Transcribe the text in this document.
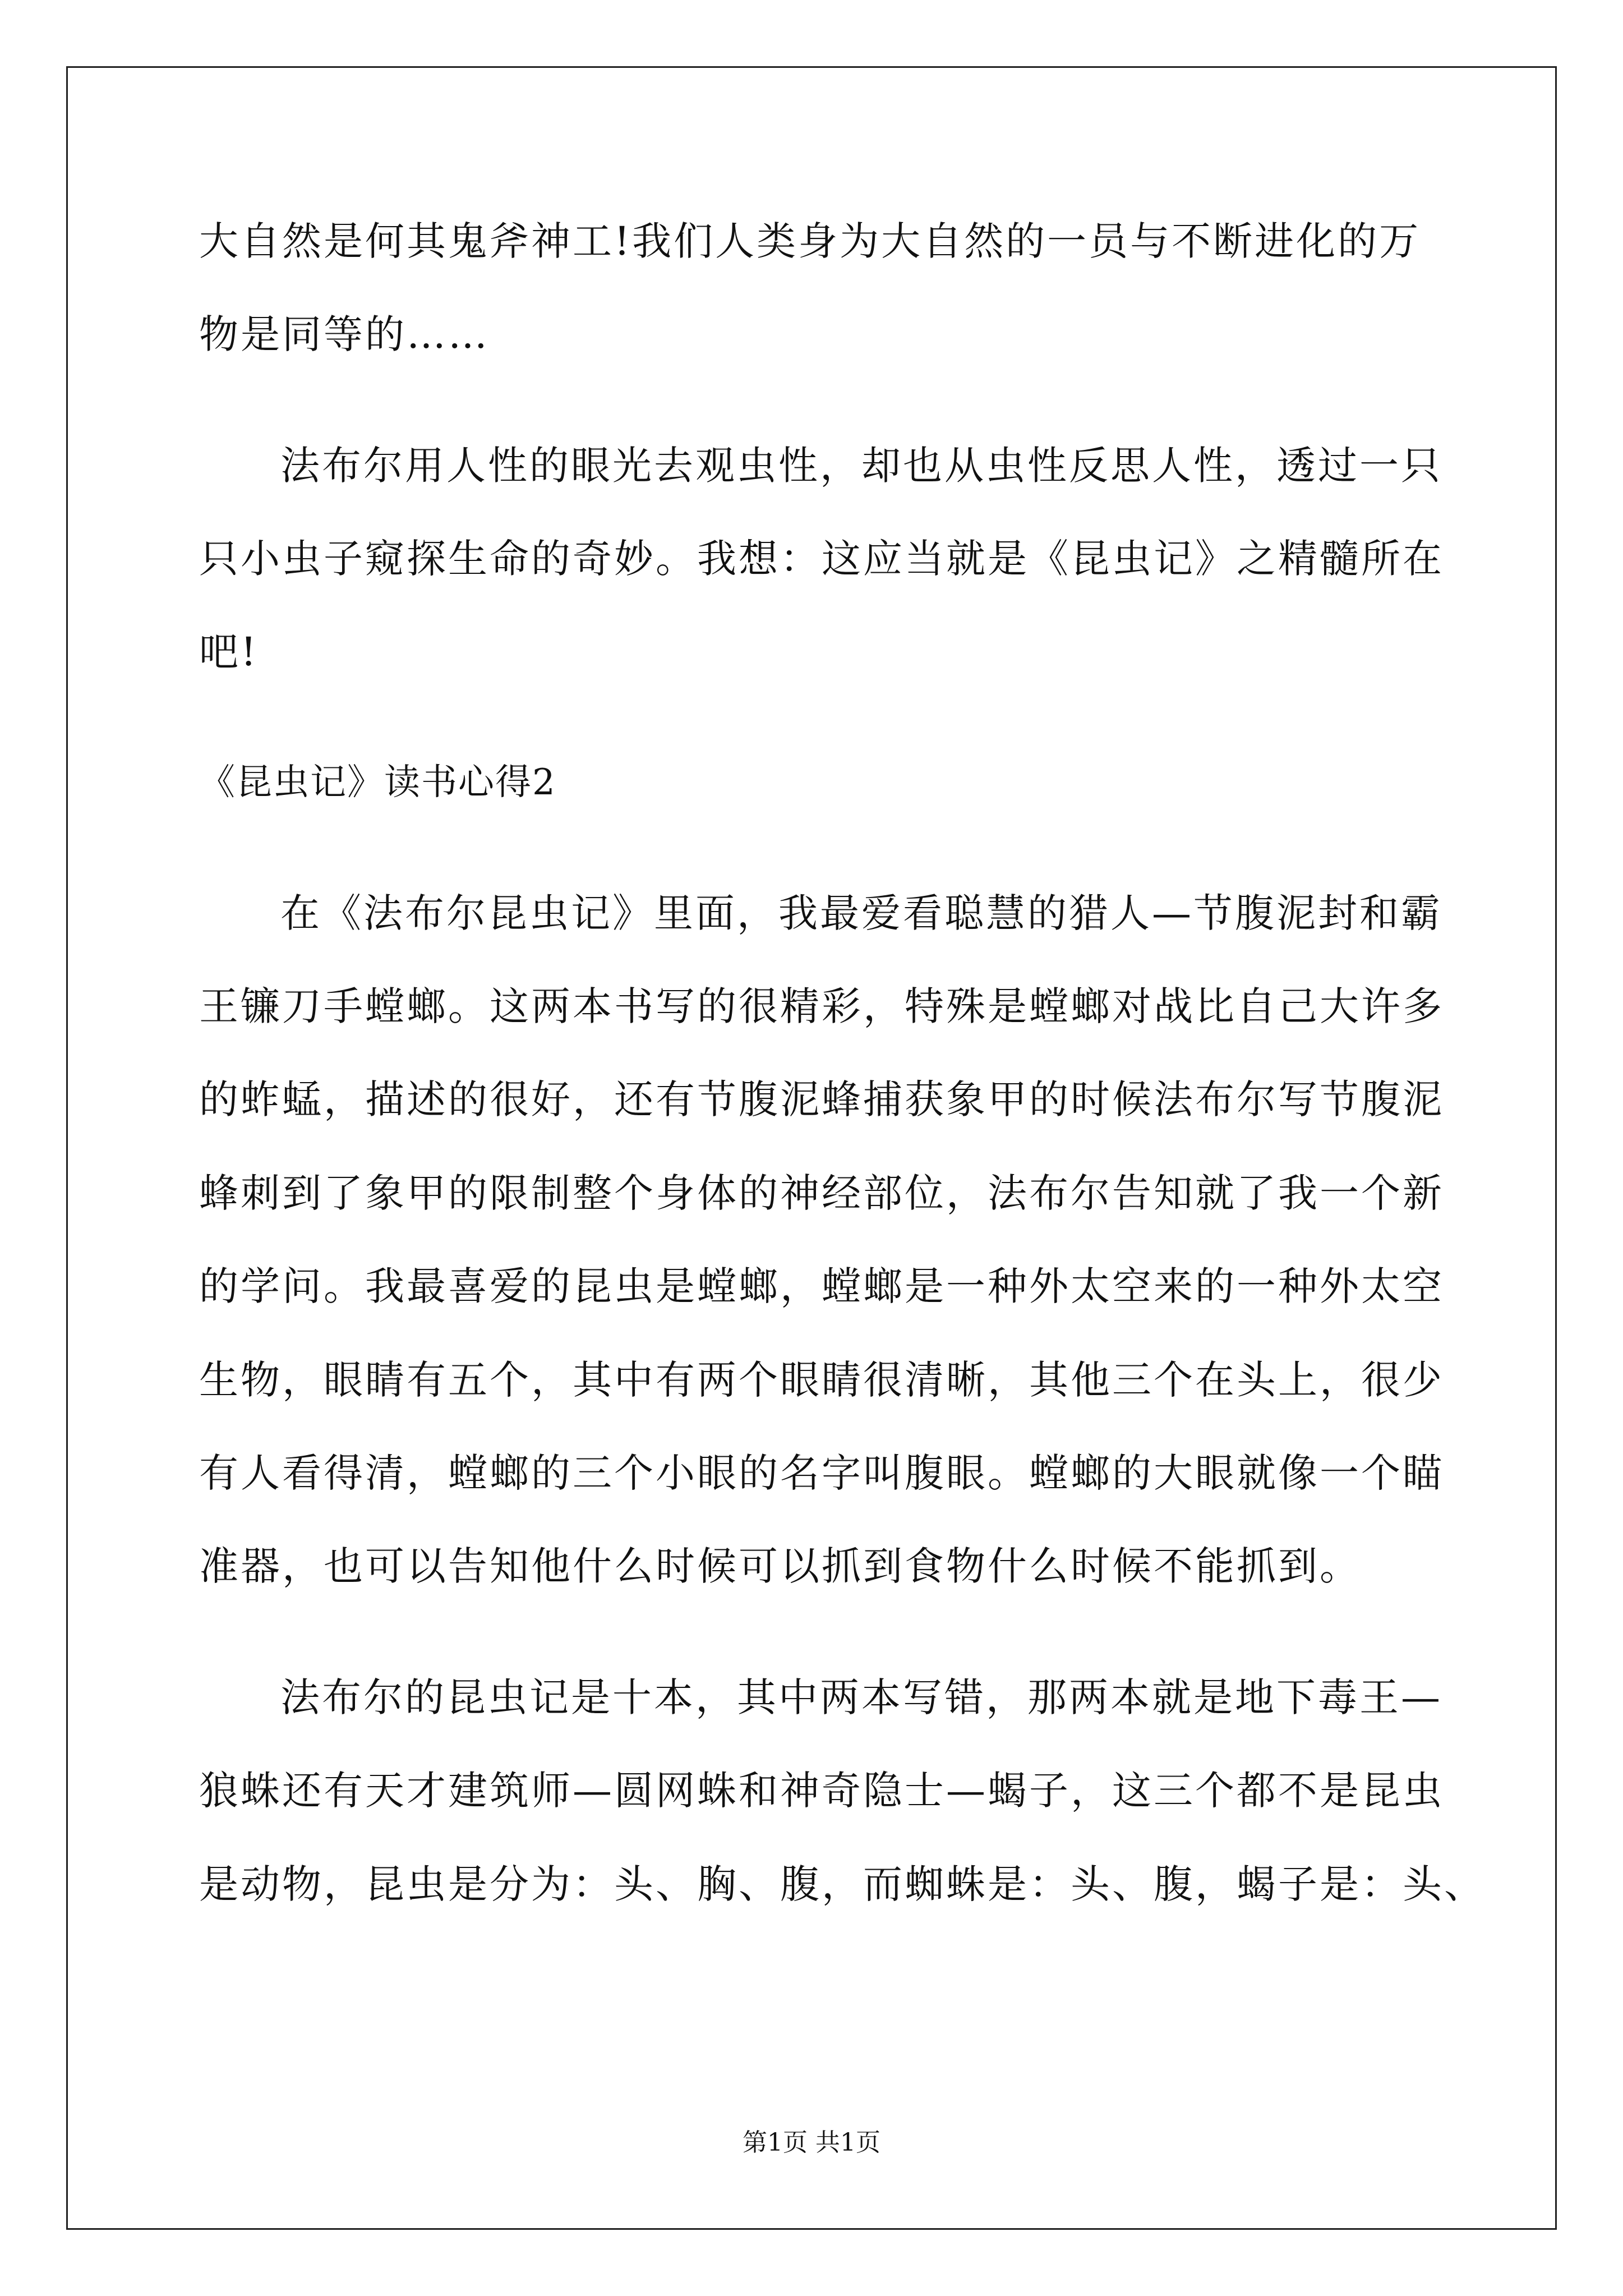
大自然是何其鬼斧神工!我们人类身为大自然的一员与不断进化的万
物是同等的……
法布尔用人性的眼光去观虫性，却也从虫性反思人性，透过一只
只小虫子窥探生命的奇妙。我想：这应当就是《昆虫记》之精髓所在
吧!
《昆虫记》读书心得2
在《法布尔昆虫记》里面，我最爱看聪慧的猎人—节腹泥封和霸
王镰刀手螳螂。这两本书写的很精彩，特殊是螳螂对战比自己大许多
的蚱蜢，描述的很好，还有节腹泥蜂捕获象甲的时候法布尔写节腹泥
蜂刺到了象甲的限制整个身体的神经部位，法布尔告知就了我一个新
的学问。我最喜爱的昆虫是螳螂，螳螂是一种外太空来的一种外太空
生物，眼睛有五个，其中有两个眼睛很清晰，其他三个在头上，很少
有人看得清，螳螂的三个小眼的名字叫腹眼。螳螂的大眼就像一个瞄
准器，也可以告知他什么时候可以抓到食物什么时候不能抓到。
法布尔的昆虫记是十本，其中两本写错，那两本就是地下毒王—
狼蛛还有天才建筑师—圆网蛛和神奇隐士—蝎子，这三个都不是昆虫
是动物，昆虫是分为：头、胸、腹，而蜘蛛是：头、腹，蝎子是：头、
第1页 共1页
